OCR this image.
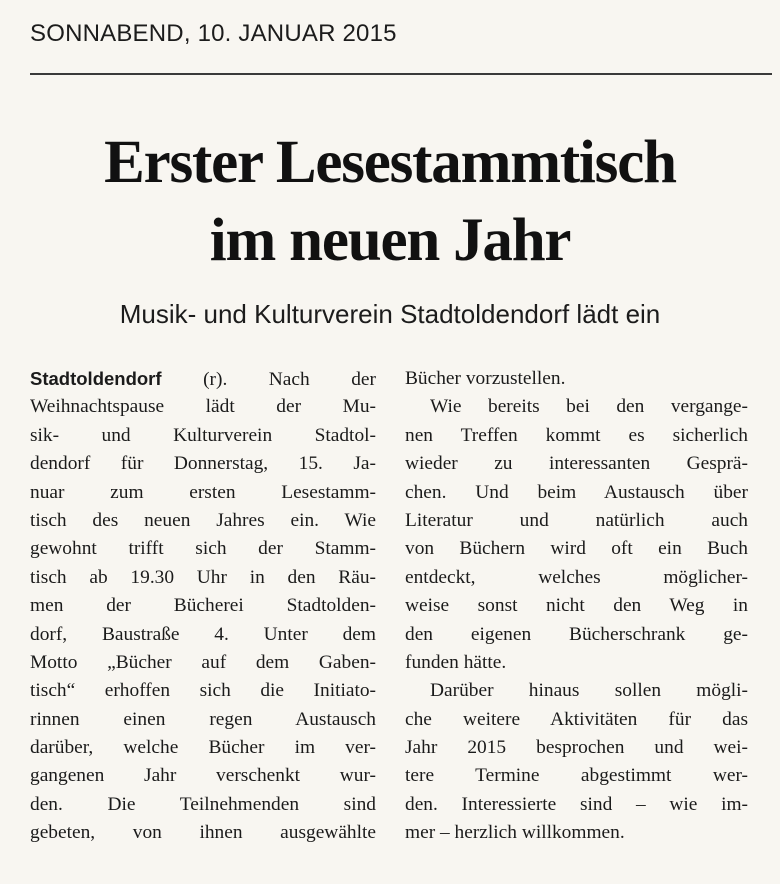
SONNABEND, 10. JANUAR 2015
Erster Lesestammtisch
im neuen Jahr
Musik- und Kulturverein Stadtoldendorf lädt ein
Stadtoldendorf (r). Nach der
Weihnachtspause lädt der Mu-
sik- und Kulturverein Stadtol-
dendorf für Donnerstag, 15. Ja-
nuar zum ersten Lesestamm-
tisch des neuen Jahres ein. Wie
gewohnt trifft sich der Stamm-
tisch ab 19.30 Uhr in den Räu-
men der Bücherei Stadtolden-
dorf, Baustraße 4. Unter dem
Motto „Bücher auf dem Gaben-
tisch“ erhoffen sich die Initiato-
rinnen einen regen Austausch
darüber, welche Bücher im ver-
gangenen Jahr verschenkt wur-
den. Die Teilnehmenden sind
gebeten, von ihnen ausgewählte
Bücher vorzustellen.
Wie bereits bei den vergange-
nen Treffen kommt es sicherlich
wieder zu interessanten Gesprä-
chen. Und beim Austausch über
Literatur und natürlich auch
von Büchern wird oft ein Buch
entdeckt, welches möglicher-
weise sonst nicht den Weg in
den eigenen Bücherschrank ge-
funden hätte.
Darüber hinaus sollen mögli-
che weitere Aktivitäten für das
Jahr 2015 besprochen und wei-
tere Termine abgestimmt wer-
den. Interessierte sind – wie im-
mer – herzlich willkommen.
